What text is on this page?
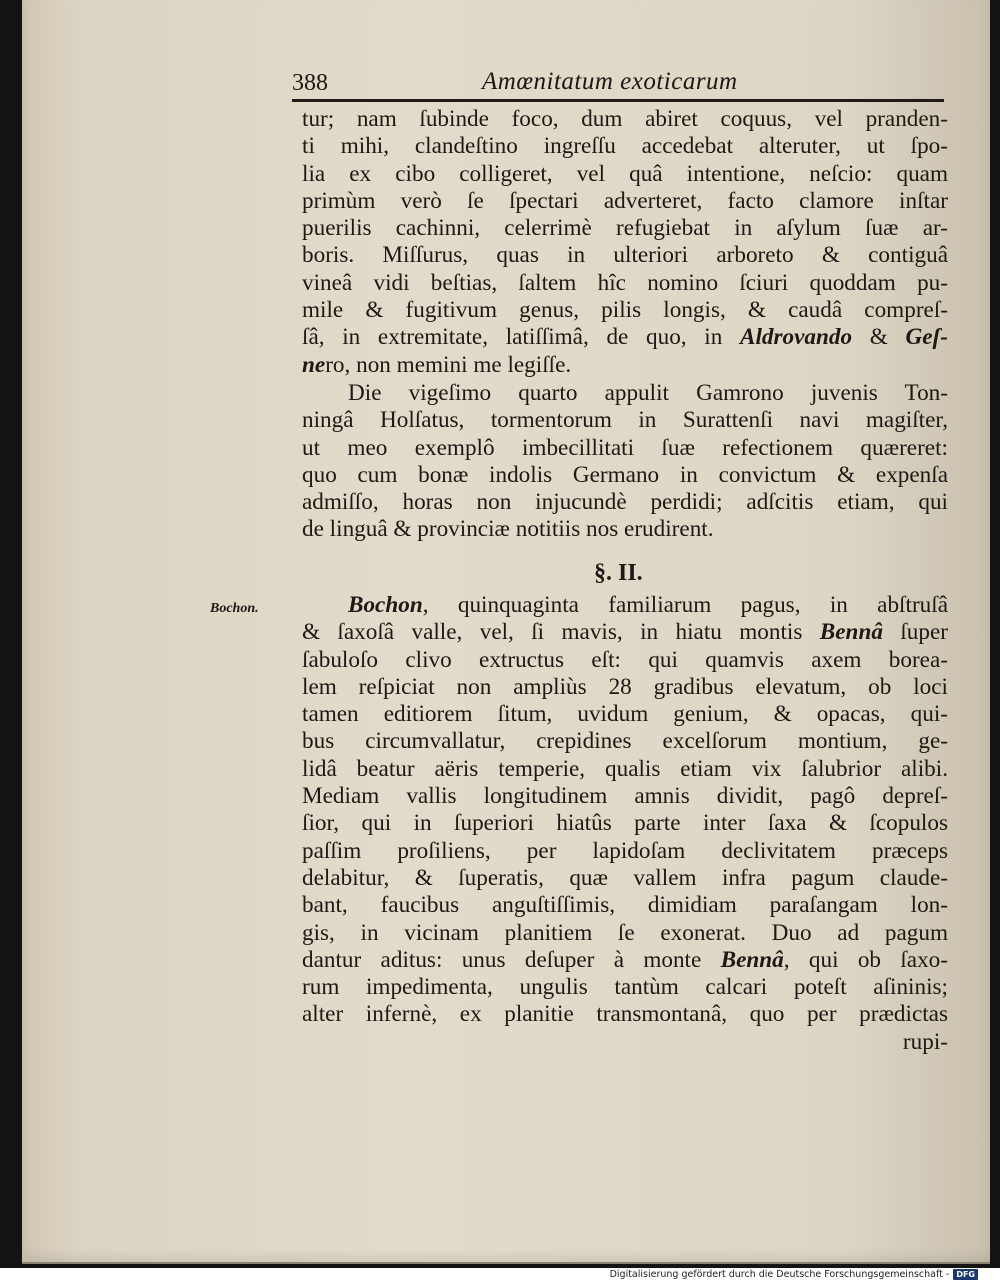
388	Amœnitatum exoticarum
tur; nam ſubinde foco, dum abiret coquus, vel pranden-
ti mihi, clandeſtino ingreſſu accedebat alteruter, ut ſpo-
lia ex cibo colligeret, vel quâ intentione, neſcio: quam
primùm verò ſe ſpectari adverteret, facto clamore inſtar
puerilis cachinni, celerrimè refugiebat in aſylum ſuæ ar-
boris. Miſſurus, quas in ulteriori arboreto & contiguâ
vineâ vidi beſtias, ſaltem hîc nomino ſciuri quoddam pu-
mile & fugitivum genus, pilis longis, & caudâ compreſ-
ſâ, in extremitate, latiſſimâ, de quo, in Aldrovando & Geſ-
nero, non memini me legiſſe.
Die vigeſimo quarto appulit Gamrono juvenis Ton-
ningâ Holſatus, tormentorum in Surattenſi navi magiſter,
ut meo exemplô imbecillitati ſuæ refectionem quæreret:
quo cum bonæ indolis Germano in convictum & expenſa
admiſſo, horas non injucundè perdidi; adſcitis etiam, qui
de linguâ & provinciæ notitiis nos erudirent.
§. II.
Bochon.	Bochon, quinquaginta familiarum pagus, in abſtruſâ
& ſaxoſâ valle, vel, ſi mavis, in hiatu montis Bennâ ſuper
ſabuloſo clivo extructus eſt: qui quamvis axem borea-
lem reſpiciat non ampliùs 28 gradibus elevatum, ob loci
tamen editiorem ſitum, uvidum genium, & opacas, qui-
bus circumvallatur, crepidines excelſorum montium, ge-
lidâ beatur aëris temperie, qualis etiam vix ſalubrior alibi.
Mediam vallis longitudinem amnis dividit, pagô depreſ-
ſior, qui in ſuperiori hiatûs parte inter ſaxa & ſcopulos
paſſim proſiliens, per lapidoſam declivitatem præceps
delabitur, & ſuperatis, quæ vallem infra pagum claude-
bant, faucibus anguſtiſſimis, dimidiam paraſangam lon-
gis, in vicinam planitiem ſe exonerat. Duo ad pagum
dantur aditus: unus deſuper à monte Bennâ, qui ob ſaxo-
rum impedimenta, ungulis tantùm calcari poteſt aſininis;
alter infernè, ex planitie transmontanâ, quo per prædictas
rupi-
Digitalisierung gefördert durch die Deutsche Forschungsgemeinschaft - DFG
